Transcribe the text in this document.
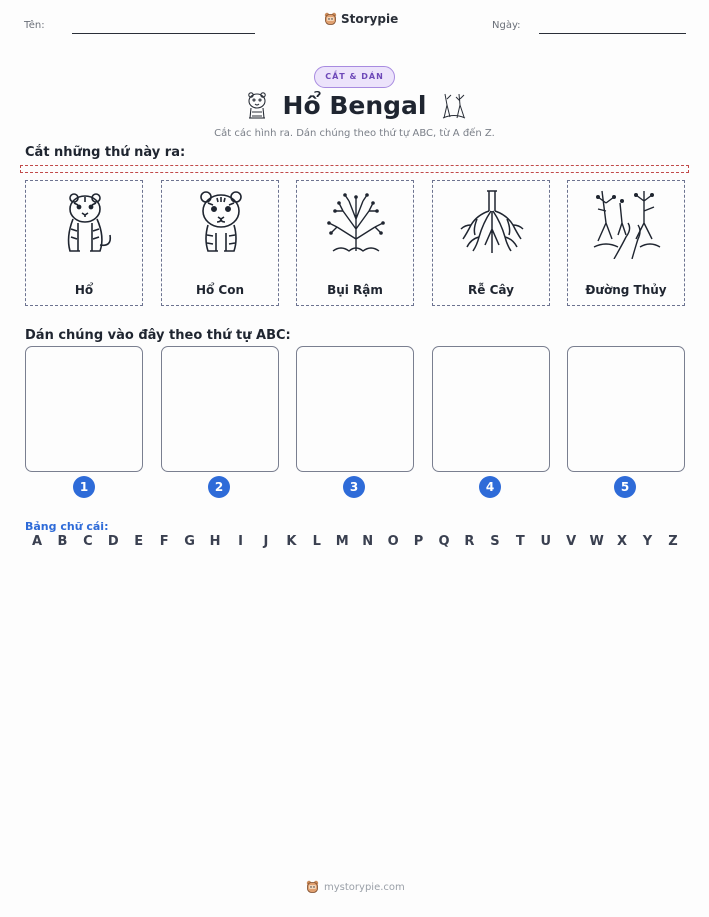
Tên:	Storypie	Ngày:
CẮT & DÁN
Hổ Bengal
Cắt các hình ra. Dán chúng theo thứ tự ABC, từ A đến Z.
Cắt những thứ này ra:
Hổ	Hổ Con	Bụi Rậm	Rễ Cây	Đường Thủy
Dán chúng vào đây theo thứ tự ABC:
1	2	3	4	5
Bảng chữ cái:
A	B	C	D	E	F	G	H	I	J	K	L	M	N	O	P	Q	R	S	T	U	V	W	X	Y	Z
mystorypie.com
